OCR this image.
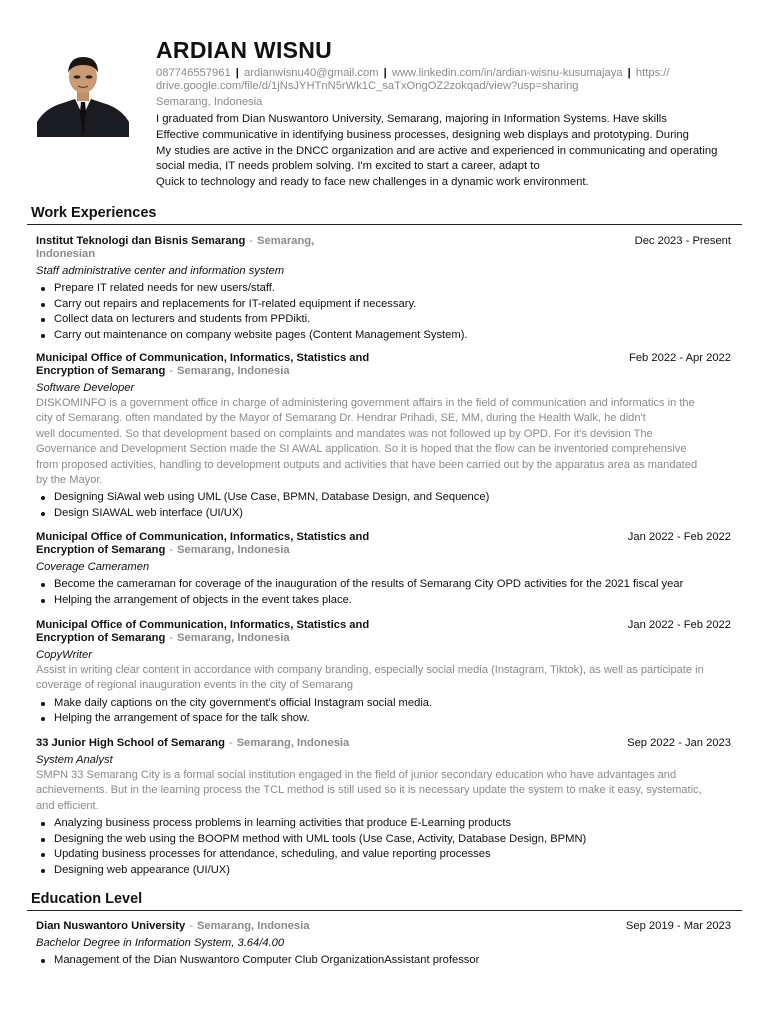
ARDIAN WISNU
087746557961 | ardianwisnu40@gmail.com | www.linkedin.com/in/ardian-wisnu-kusumajaya | https://
drive.google.com/file/d/1jNsJYHTnN5rWk1C_saTxOngOZ2zokqad/view?usp=sharing
Semarang, Indonesia
I graduated from Dian Nuswantoro University, Semarang, majoring in Information Systems. Have skills
Effective communicative in identifying business processes, designing web displays and prototyping. During
My studies are active in the DNCC organization and are active and experienced in communicating and operating
social media, IT needs problem solving. I'm excited to start a career, adapt to
Quick to technology and ready to face new challenges in a dynamic work environment.
Work Experiences
Institut Teknologi dan Bisnis Semarang - Semarang,
Indonesian
Dec 2023 - Present
Staff administrative center and information system
Prepare IT related needs for new users/staff.
Carry out repairs and replacements for IT-related equipment if necessary.
Collect data on lecturers and students from PPDikti.
Carry out maintenance on company website pages (Content Management System).
Municipal Office of Communication, Informatics, Statistics and
Encryption of Semarang - Semarang, Indonesia
Feb 2022 - Apr 2022
Software Developer
DISKOMINFO is a government office in charge of administering government affairs in the field of communication and informatics in the
city of Semarang. often mandated by the Mayor of Semarang Dr. Hendrar Prihadi, SE, MM, during the Health Walk, he didn't
well documented. So that development based on complaints and mandates was not followed up by OPD. For it's devision The
Governance and Development Section made the SI AWAL application. So it is hoped that the flow can be inventoried comprehensive
from proposed activities, handling to development outputs and activities that have been carried out by the apparatus area as mandated
by the Mayor.
Designing SiAwal web using UML (Use Case, BPMN, Database Design, and Sequence)
Design SIAWAL web interface (UI/UX)
Municipal Office of Communication, Informatics, Statistics and
Encryption of Semarang - Semarang, Indonesia
Jan 2022 - Feb 2022
Coverage Cameramen
Become the cameraman for coverage of the inauguration of the results of Semarang City OPD activities for the 2021 fiscal year
Helping the arrangement of objects in the event takes place.
Municipal Office of Communication, Informatics, Statistics and
Encryption of Semarang - Semarang, Indonesia
Jan 2022 - Feb 2022
CopyWriter
Assist in writing clear content in accordance with company branding, especially social media (Instagram, Tiktok), as well as participate in
coverage of regional inauguration events in the city of Semarang
Make daily captions on the city government's official Instagram social media.
Helping the arrangement of space for the talk show.
33 Junior High School of Semarang - Semarang, Indonesia	Sep 2022 - Jan 2023
System Analyst
SMPN 33 Semarang City is a formal social institution engaged in the field of junior secondary education who have advantages and
achievements. But in the learning process the TCL method is still used so it is necessary update the system to make it easy, systematic,
and efficient.
Analyzing business process problems in learning activities that produce E-Learning products
Designing the web using the BOOPM method with UML tools (Use Case, Activity, Database Design, BPMN)
Updating business processes for attendance, scheduling, and value reporting processes
Designing web appearance (UI/UX)
Education Level
Dian Nuswantoro University - Semarang, Indonesia	Sep 2019 - Mar 2023
Bachelor Degree in Information System, 3.64/4.00
Management of the Dian Nuswantoro Computer Club OrganizationAssistant professor
